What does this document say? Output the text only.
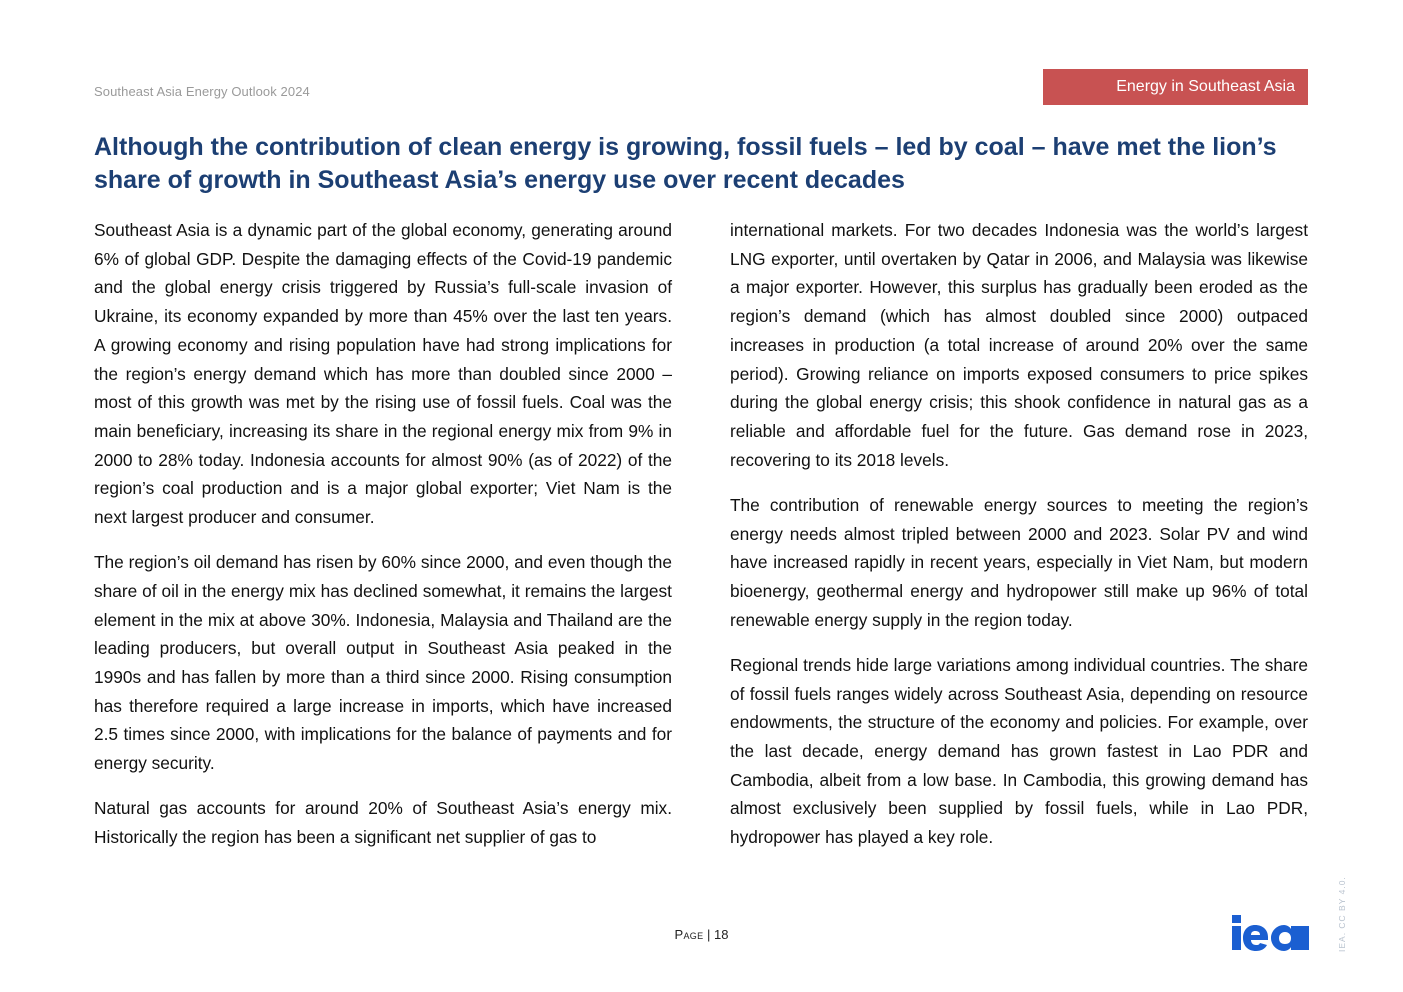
Southeast Asia Energy Outlook 2024	Energy in Southeast Asia
Although the contribution of clean energy is growing, fossil fuels – led by coal – have met the lion’s share of growth in Southeast Asia’s energy use over recent decades

Southeast Asia is a dynamic part of the global economy, generating around 6% of global GDP. Despite the damaging effects of the Covid-19 pandemic and the global energy crisis triggered by Russia’s full-scale invasion of Ukraine, its economy expanded by more than 45% over the last ten years. A growing economy and rising population have had strong implications for the region’s energy demand which has more than doubled since 2000 – most of this growth was met by the rising use of fossil fuels. Coal was the main beneficiary, increasing its share in the regional energy mix from 9% in 2000 to 28% today. Indonesia accounts for almost 90% (as of 2022) of the region’s coal production and is a major global exporter; Viet Nam is the next largest producer and consumer.

The region’s oil demand has risen by 60% since 2000, and even though the share of oil in the energy mix has declined somewhat, it remains the largest element in the mix at above 30%. Indonesia, Malaysia and Thailand are the leading producers, but overall output in Southeast Asia peaked in the 1990s and has fallen by more than a third since 2000. Rising consumption has therefore required a large increase in imports, which have increased 2.5 times since 2000, with implications for the balance of payments and for energy security.

Natural gas accounts for around 20% of Southeast Asia’s energy mix. Historically the region has been a significant net supplier of gas to

international markets. For two decades Indonesia was the world’s largest LNG exporter, until overtaken by Qatar in 2006, and Malaysia was likewise a major exporter. However, this surplus has gradually been eroded as the region’s demand (which has almost doubled since 2000) outpaced increases in production (a total increase of around 20% over the same period). Growing reliance on imports exposed consumers to price spikes during the global energy crisis; this shook confidence in natural gas as a reliable and affordable fuel for the future. Gas demand rose in 2023, recovering to its 2018 levels.

The contribution of renewable energy sources to meeting the region’s energy needs almost tripled between 2000 and 2023. Solar PV and wind have increased rapidly in recent years, especially in Viet Nam, but modern bioenergy, geothermal energy and hydropower still make up 96% of total renewable energy supply in the region today.

Regional trends hide large variations among individual countries. The share of fossil fuels ranges widely across Southeast Asia, depending on resource endowments, the structure of the economy and policies. For example, over the last decade, energy demand has grown fastest in Lao PDR and Cambodia, albeit from a low base. In Cambodia, this growing demand has almost exclusively been supplied by fossil fuels, while in Lao PDR, hydropower has played a key role.

Page | 18	IEA. CC BY 4.0.
